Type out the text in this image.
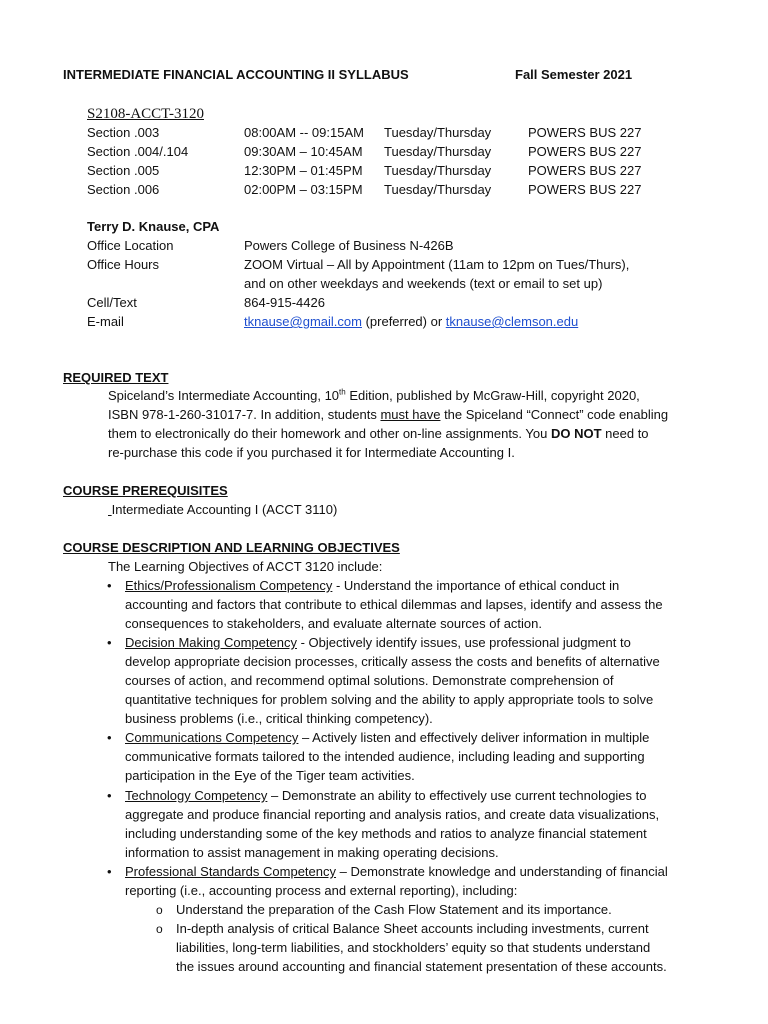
INTERMEDIATE FINANCIAL ACCOUNTING II SYLLABUS	Fall Semester 2021
S2108-ACCT-3120
Section .003	08:00AM -- 09:15AM Tuesday/Thursday	POWERS BUS 227
Section .004/.104	09:30AM – 10:45AM Tuesday/Thursday	POWERS BUS 227
Section .005	12:30PM – 01:45PM Tuesday/Thursday	POWERS BUS 227
Section .006	02:00PM – 03:15PM Tuesday/Thursday	POWERS BUS 227
Terry D. Knause, CPA
Office Location	Powers College of Business N-426B
Office Hours	ZOOM Virtual – All by Appointment (11am to 12pm on Tues/Thurs),
and on other weekdays and weekends (text or email to set up)
Cell/Text	864-915-4426
E-mail	tknause@gmail.com (preferred) or tknause@clemson.edu
REQUIRED TEXT

Spiceland’s Intermediate Accounting, 10th Edition, published by McGraw-Hill, copyright 2020,

ISBN 978-1-260-31017-7. In addition, students must have the Spiceland “Connect” code enabling

them to electronically do their homework and other on-line assignments. You DO NOT need to

re-purchase this code if you purchased it for Intermediate Accounting I.

COURSE PREREQUISITES
Intermediate Accounting I (ACCT 3110)
COURSE DESCRIPTION AND LEARNING OBJECTIVES
The Learning Objectives of ACCT 3120 include:
• Ethics/Professionalism Competency - Understand the importance of ethical conduct in

accounting and factors that contribute to ethical dilemmas and lapses, identify and assess the

consequences to stakeholders, and evaluate alternate sources of action.

• Decision Making Competency - Objectively identify issues, use professional judgment to

develop appropriate decision processes, critically assess the costs and benefits of alternative

courses of action, and recommend optimal solutions. Demonstrate comprehension of

quantitative techniques for problem solving and the ability to apply appropriate tools to solve

business problems (i.e., critical thinking competency).

• Communications Competency – Actively listen and effectively deliver information in multiple

communicative formats tailored to the intended audience, including leading and supporting

participation in the Eye of the Tiger team activities.

• Technology Competency – Demonstrate an ability to effectively use current technologies to

aggregate and produce financial reporting and analysis ratios, and create data visualizations,

including understanding some of the key methods and ratios to analyze financial statement

information to assist management in making operating decisions.

• Professional Standards Competency – Demonstrate knowledge and understanding of financial

reporting (i.e., accounting process and external reporting), including:

o Understand the preparation of the Cash Flow Statement and its importance.

o In-depth analysis of critical Balance Sheet accounts including investments, current

liabilities, long-term liabilities, and stockholders’ equity so that students understand

the issues around accounting and financial statement presentation of these accounts.
